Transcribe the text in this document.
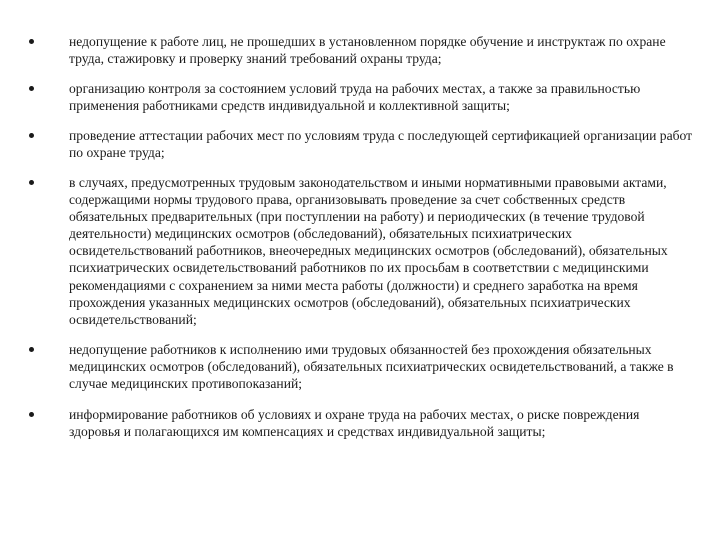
недопущение к работе лиц, не прошедших в установленном порядке обучение и инструктаж по охране труда, стажировку и проверку знаний требований охраны труда;
организацию контроля за состоянием условий труда на рабочих местах, а также за правильностью применения работниками средств индивидуальной и коллективной защиты;
проведение аттестации рабочих мест по условиям труда с последующей сертификацией организации работ по охране труда;
в случаях, предусмотренных трудовым законодательством и иными нормативными правовыми актами, содержащими нормы трудового права, организовывать проведение за счет собственных средств обязательных предварительных (при поступлении на работу) и периодических (в течение трудовой деятельности) медицинских осмотров (обследований), обязательных психиатрических освидетельствований работников, внеочередных медицинских осмотров (обследований), обязательных психиатрических освидетельствований работников по их просьбам в соответствии с медицинскими рекомендациями с сохранением за ними места работы (должности) и среднего заработка на время прохождения указанных медицинских осмотров (обследований), обязательных психиатрических освидетельствований;
недопущение работников к исполнению ими трудовых обязанностей без прохождения обязательных медицинских осмотров (обследований), обязательных психиатрических освидетельствований, а также в случае медицинских противопоказаний;
информирование работников об условиях и охране труда на рабочих местах, о риске повреждения здоровья и полагающихся им компенсациях и средствах индивидуальной защиты;
